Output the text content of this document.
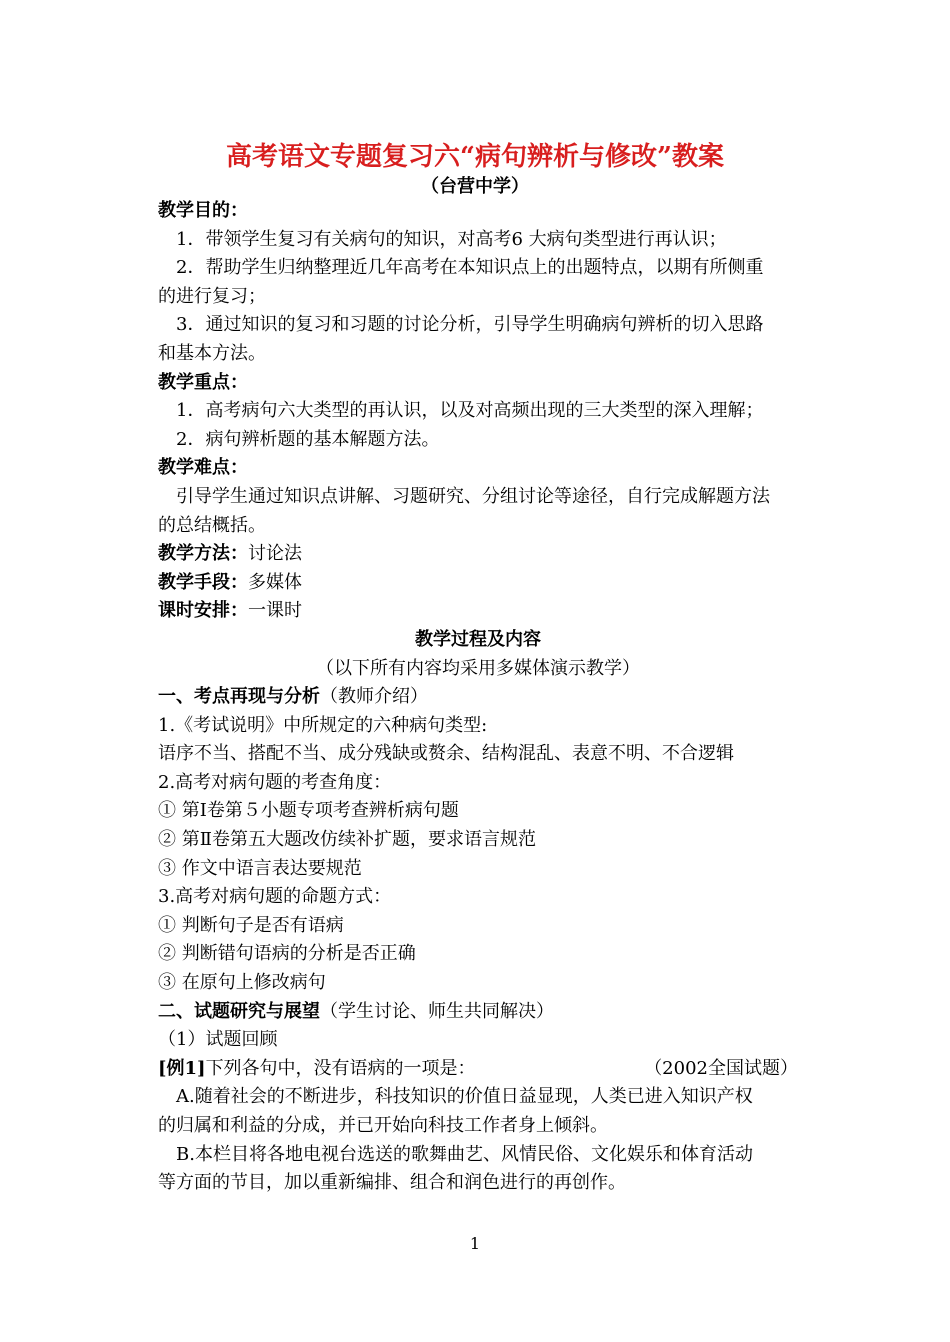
高考语文专题复习六“病句辨析与修改”教案
（台营中学）
教学目的：
1．带领学生复习有关病句的知识，对高考6 大病句类型进行再认识；
2．帮助学生归纳整理近几年高考在本知识点上的出题特点，以期有所侧重
的进行复习；
3．通过知识的复习和习题的讨论分析，引导学生明确病句辨析的切入思路
和基本方法。
教学重点：
1．高考病句六大类型的再认识，以及对高频出现的三大类型的深入理解；
2．病句辨析题的基本解题方法。
教学难点：
引导学生通过知识点讲解、习题研究、分组讨论等途径，自行完成解题方法
的总结概括。
教学方法：讨论法
教学手段：多媒体
课时安排：一课时
教学过程及内容
（以下所有内容均采用多媒体演示教学）
一、考点再现与分析（教师介绍）
1.《考试说明》中所规定的六种病句类型:
语序不当、搭配不当、成分残缺或赘余、结构混乱、表意不明、不合逻辑
2.高考对病句题的考查角度：
① 第Ⅰ卷第５小题专项考查辨析病句题
② 第Ⅱ卷第五大题改仿续补扩题，要求语言规范
③ 作文中语言表达要规范
3.高考对病句题的命题方式：
① 判断句子是否有语病
② 判断错句语病的分析是否正确
③ 在原句上修改病句
二、试题研究与展望（学生讨论、师生共同解决）
（1）试题回顾
[例1]下列各句中，没有语病的一项是：	（2002全国试题）
A.随着社会的不断进步，科技知识的价值日益显现，人类已进入知识产权
的归属和利益的分成，并已开始向科技工作者身上倾斜。
B.本栏目将各地电视台选送的歌舞曲艺、风情民俗、文化娱乐和体育活动
等方面的节目，加以重新编排、组合和润色进行的再创作。
1
